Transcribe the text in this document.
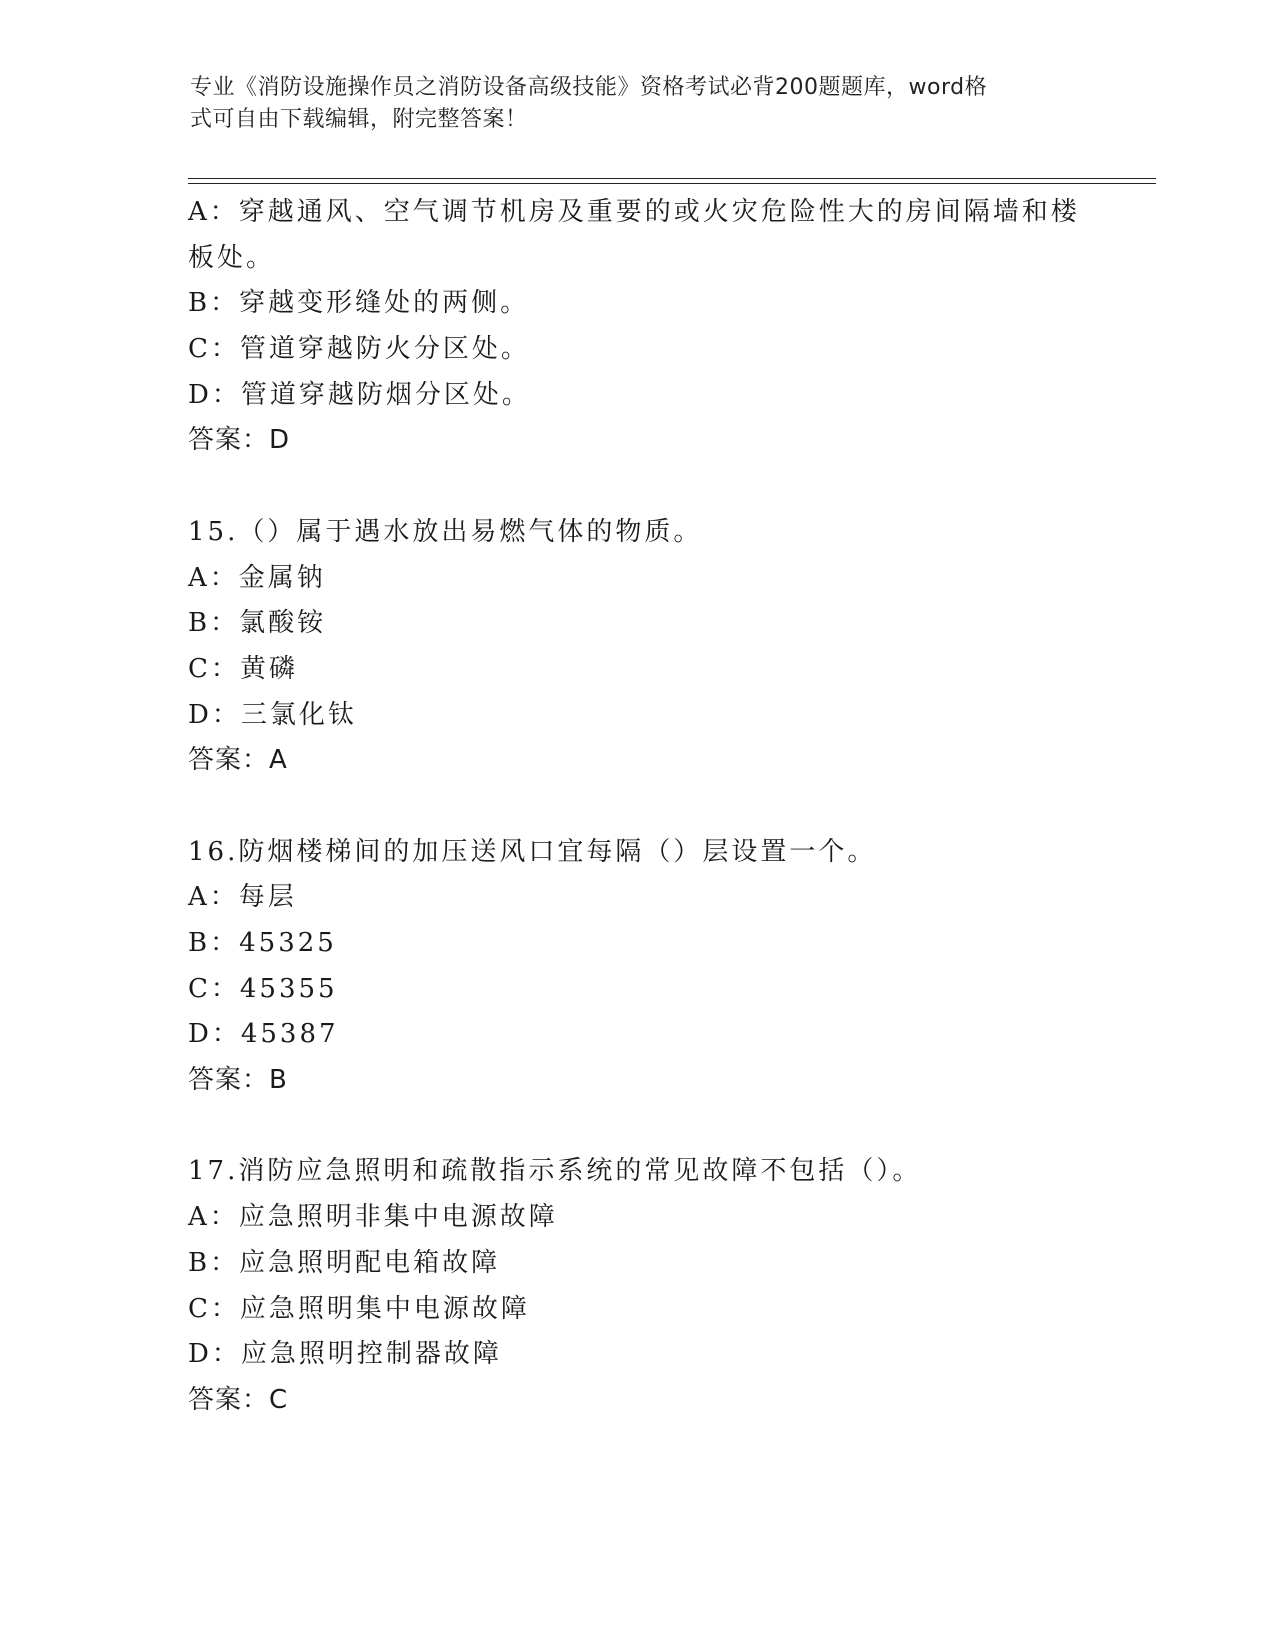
专业《消防设施操作员之消防设备高级技能》资格考试必背200题题库，word格
式可自由下载编辑，附完整答案！
A：穿越通风、空气调节机房及重要的或火灾危险性大的房间隔墙和楼
板处。
B：穿越变形缝处的两侧。
C：管道穿越防火分区处。
D：管道穿越防烟分区处。
答案：D
15.（）属于遇水放出易燃气体的物质。
A：金属钠
B：氯酸铵
C：黄磷
D：三氯化钛
答案：A
16.防烟楼梯间的加压送风口宜每隔（）层设置一个。
A：每层
B：45325
C：45355
D：45387
答案：B
17.消防应急照明和疏散指示系统的常见故障不包括（）。
A：应急照明非集中电源故障
B：应急照明配电箱故障
C：应急照明集中电源故障
D：应急照明控制器故障
答案：C
